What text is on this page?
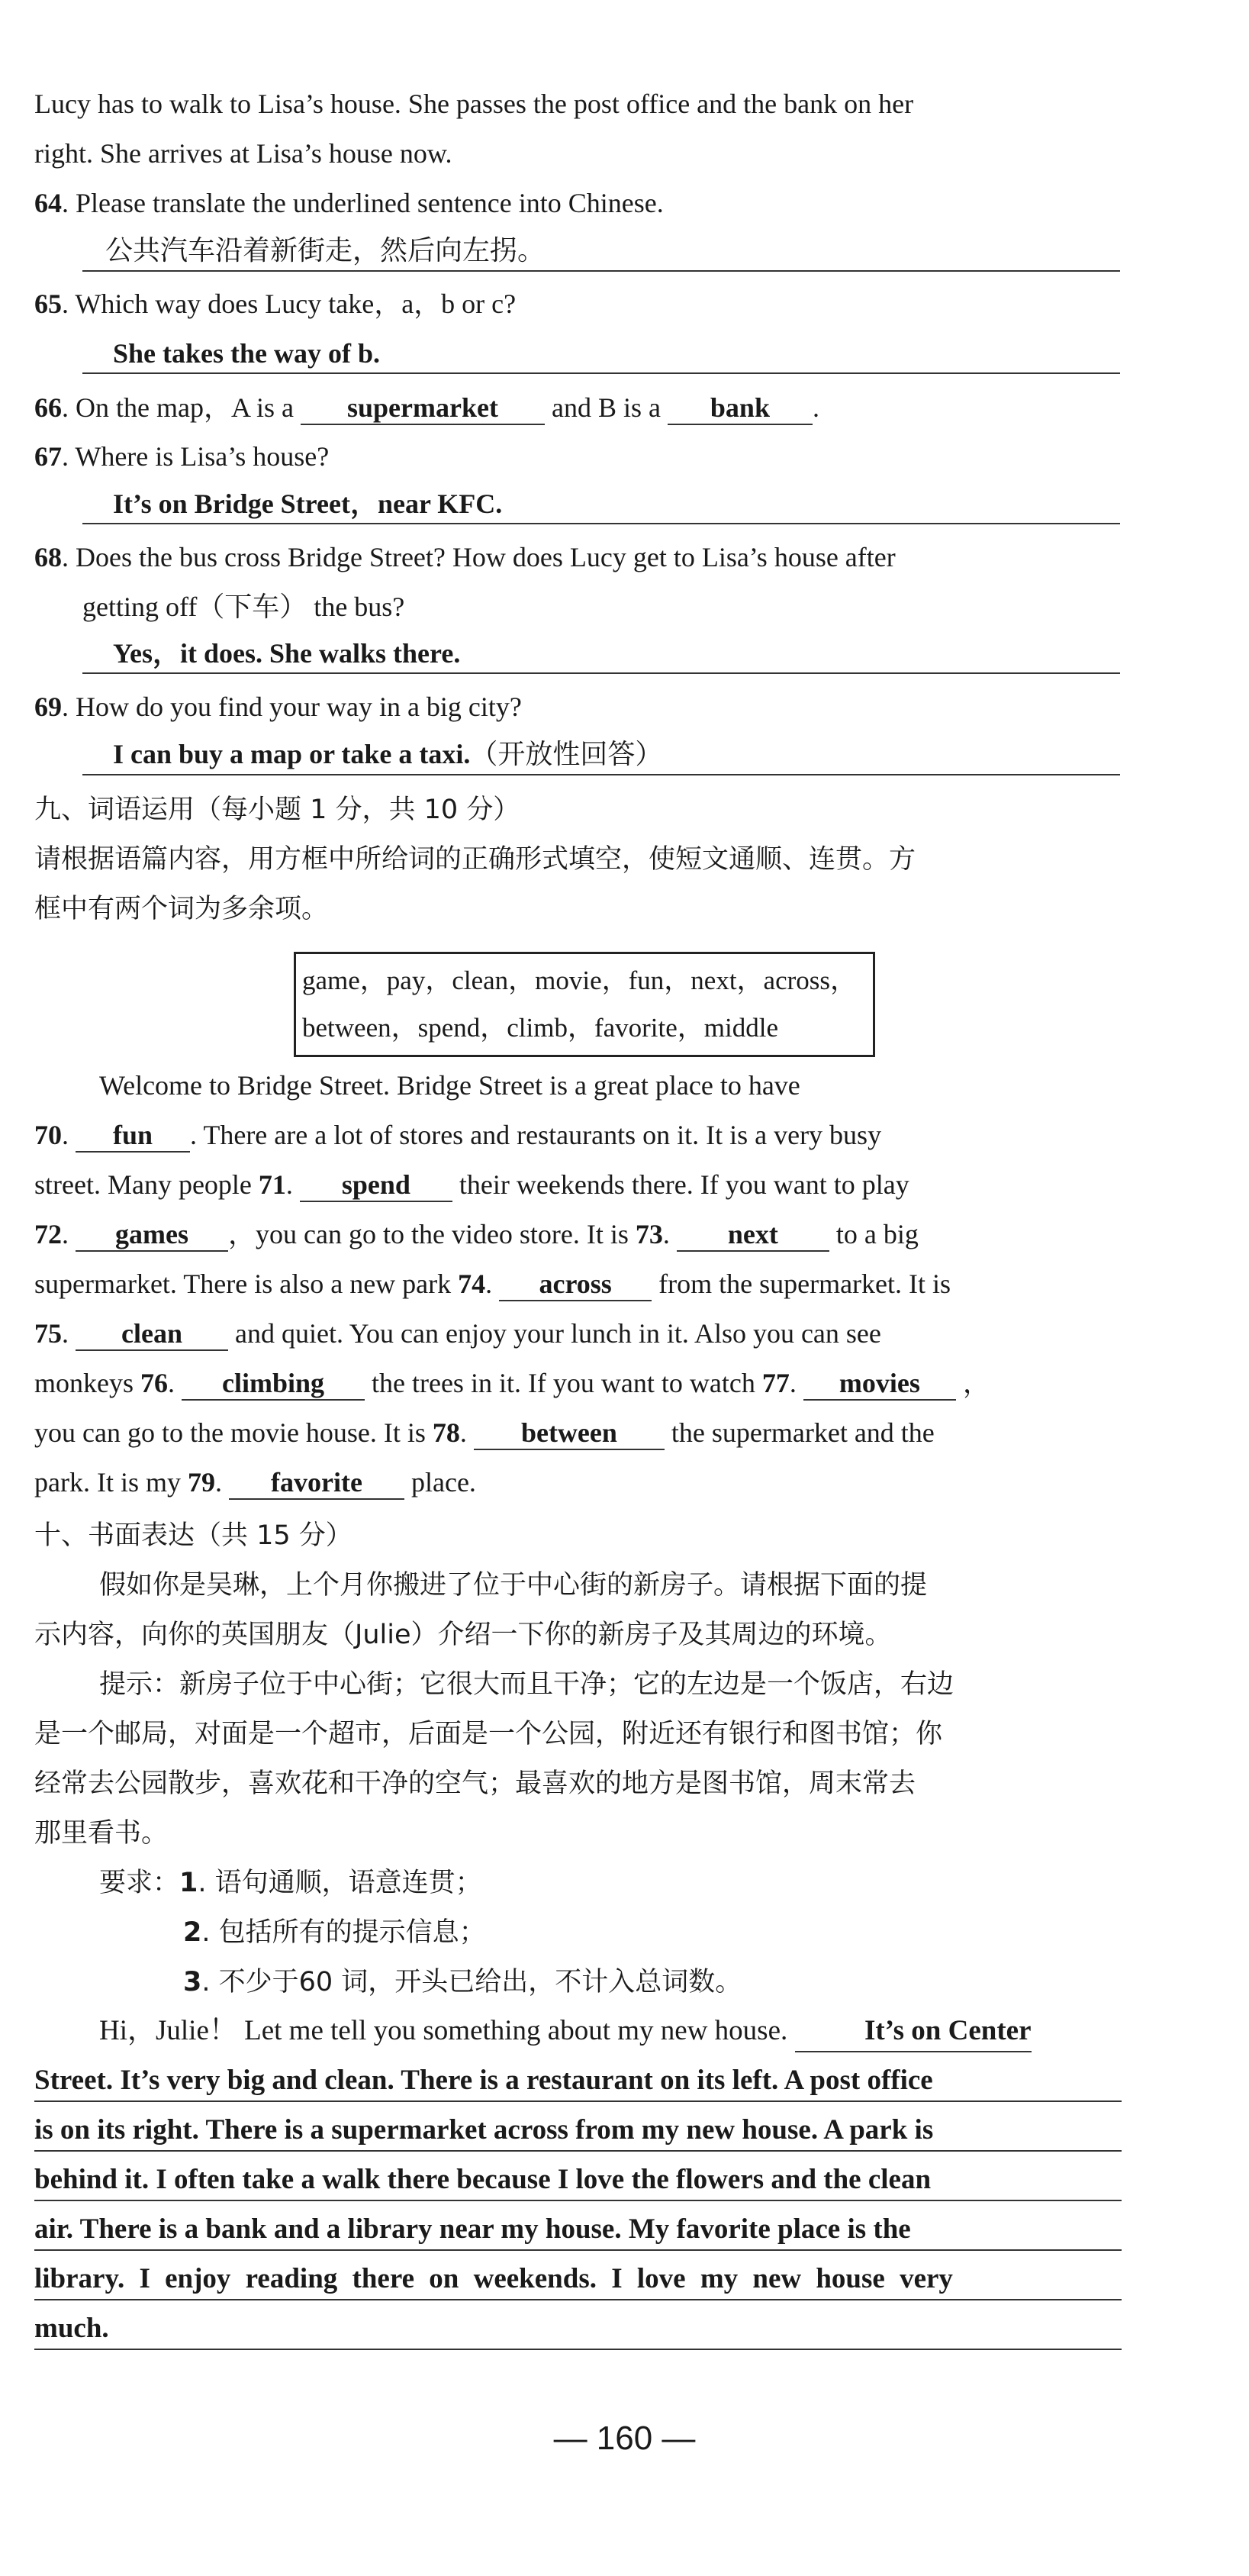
Lucy has to walk to Lisa’s house. She passes the post office and the bank on her
right. She arrives at Lisa’s house now.
64. Please translate the underlined sentence into Chinese.
公共汽车沿着新街走，然后向左拐。
65. Which way does Lucy take，a，b or c?
She takes the way of b.
66. On the map，A is a supermarket and B is a bank .
67. Where is Lisa’s house?
It’s on Bridge Street，near KFC.
68. Does the bus cross Bridge Street? How does Lucy get to Lisa’s house after
getting off（下车） the bus?
Yes，it does. She walks there.
69. How do you find your way in a big city?
I can buy a map or take a taxi.（开放性回答）
九、词语运用（每小题 1 分，共 10 分）
请根据语篇内容，用方框中所给词的正确形式填空，使短文通顺、连贯。方
框中有两个词为多余项。
game，pay，clean，movie，fun，next，across，
between，spend，climb，favorite，middle
Welcome to Bridge Street. Bridge Street is a great place to have
70. fun . There are a lot of stores and restaurants on it. It is a very busy
street. Many people 71. spend their weekends there. If you want to play
72. games ，you can go to the video store. It is 73. next to a big
supermarket. There is also a new park 74. across from the supermarket. It is
75. clean and quiet. You can enjoy your lunch in it. Also you can see
monkeys 76. climbing the trees in it. If you want to watch 77. movies ，
you can go to the movie house. It is 78. between the supermarket and the
park. It is my 79. favorite place.
十、书面表达（共 15 分）
假如你是吴琳，上个月你搬进了位于中心街的新房子。请根据下面的提
示内容，向你的英国朋友（Julie）介绍一下你的新房子及其周边的环境。
提示：新房子位于中心街；它很大而且干净；它的左边是一个饭店，右边
是一个邮局，对面是一个超市，后面是一个公园，附近还有银行和图书馆；你
经常去公园散步，喜欢花和干净的空气；最喜欢的地方是图书馆，周末常去
那里看书。
要求：1. 语句通顺，语意连贯；
2. 包括所有的提示信息；
3. 不少于60 词，开头已给出，不计入总词数。
Hi，Julie！ Let me tell you something about my new house. It’s on Center
Street. It’s very big and clean. There is a restaurant on its left. A post office
is on its right. There is a supermarket across from my new house. A park is
behind it. I often take a walk there because I love the flowers and the clean
air. There is a bank and a library near my house. My favorite place is the
library. I enjoy reading there on weekends. I love my new house very
much.
— 160 —
